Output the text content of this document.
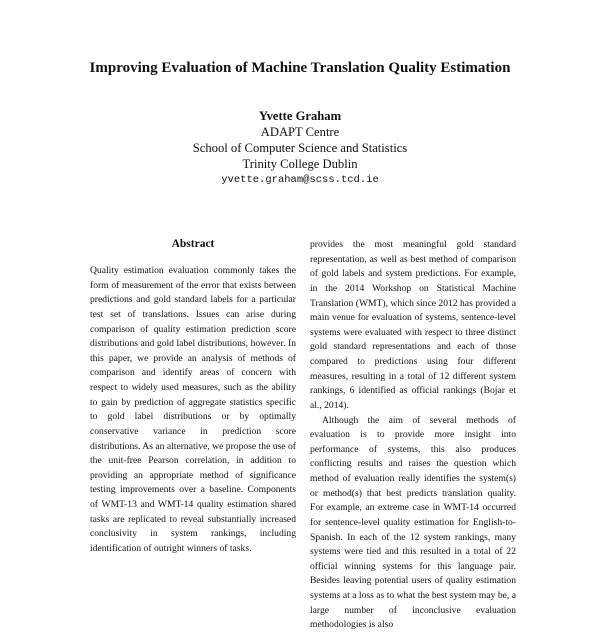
Improving Evaluation of Machine Translation Quality Estimation
Yvette Graham
ADAPT Centre
School of Computer Science and Statistics
Trinity College Dublin
yvette.graham@scss.tcd.ie
Abstract

Quality estimation evaluation commonly takes the form of measurement of the error that exists between predictions and gold standard labels for a particular test set of translations. Issues can arise during comparison of quality estimation prediction score distributions and gold label distributions, however. In this paper, we provide an analysis of methods of comparison and identify areas of concern with respect to widely used measures, such as the ability to gain by prediction of aggregate statistics specific to gold label distributions or by optimally conservative variance in prediction score distributions. As an alternative, we propose the use of the unit-free Pearson correlation, in addition to providing an appropriate method of significance testing improvements over a baseline. Components of WMT-13 and WMT-14 quality estimation shared tasks are replicated to reveal substantially increased conclusivity in system rankings, including identification of outright winners of tasks.

provides the most meaningful gold standard representation, as well as best method of comparison of gold labels and system predictions. For example, in the 2014 Workshop on Statistical Machine Translation (WMT), which since 2012 has provided a main venue for evaluation of systems, sentence-level systems were evaluated with respect to three distinct gold standard representations and each of those compared to predictions using four different measures, resulting in a total of 12 different system rankings, 6 identified as official rankings (Bojar et al., 2014).

Although the aim of several methods of evaluation is to provide more insight into performance of systems, this also produces conflicting results and raises the question which method of evaluation really identifies the system(s) or method(s) that best predicts translation quality. For example, an extreme case in WMT-14 occurred for sentence-level quality estimation for English-to-Spanish. In each of the 12 system rankings, many systems were tied and this resulted in a total of 22 official winning systems for this language pair. Besides leaving potential users of quality estimation systems at a loss as to what the best system may be, a large number of inconclusive evaluation methodologies is also
